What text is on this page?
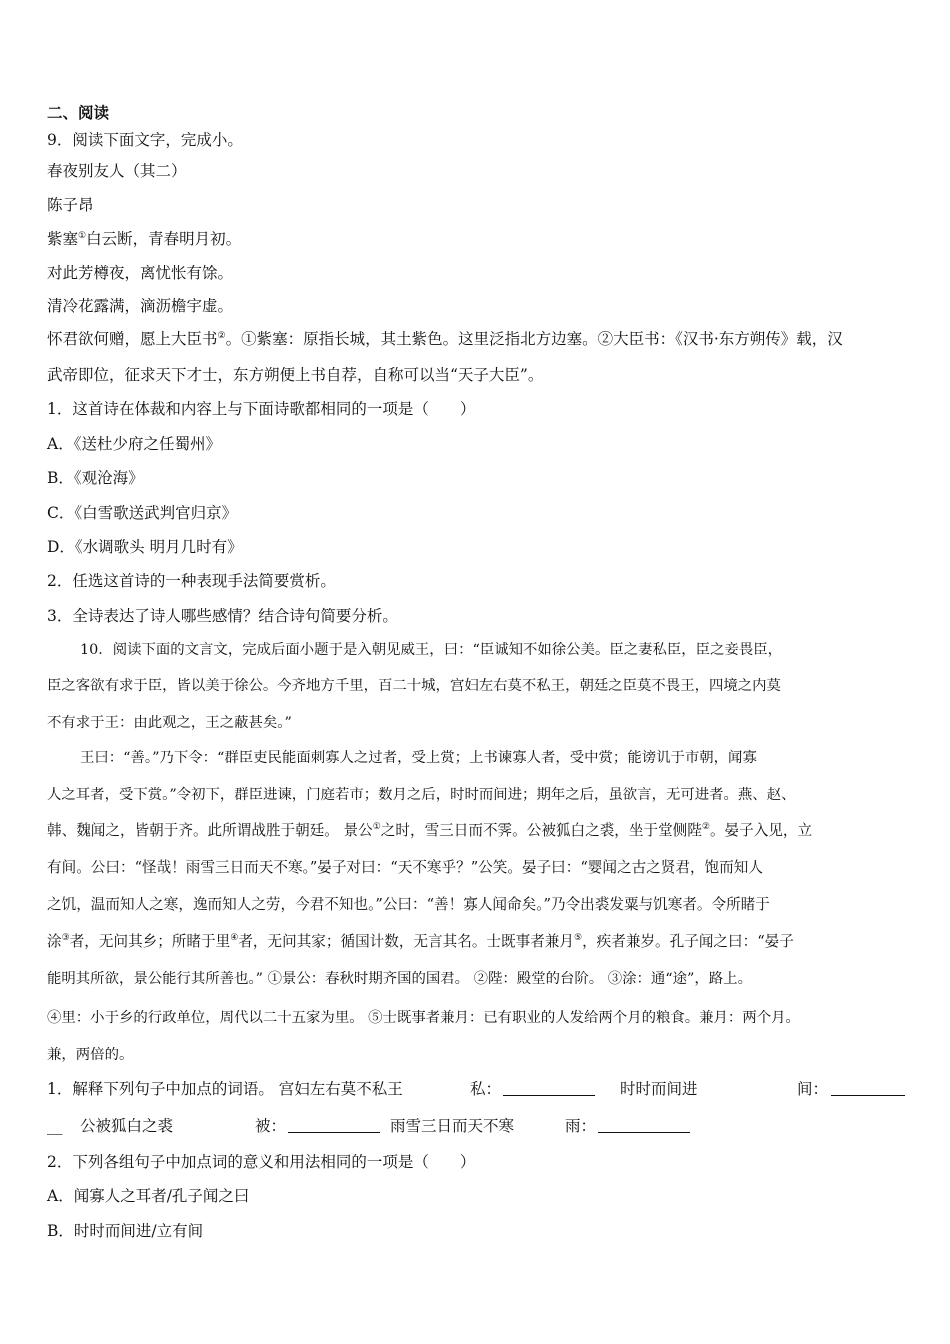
二、阅读
9．阅读下面文字，完成小。
春夜别友人（其二）
陈子昂
紫塞①白云断，青春明月初。
对此芳樽夜，离忧怅有馀。
清冷花露满，滴沥檐宇虚。
怀君欲何赠，愿上大臣书②。①紫塞：原指长城，其土紫色。这里泛指北方边塞。②大臣书：《汉书·东方朔传》载，汉
武帝即位，征求天下才士，东方朔便上书自荐，自称可以当“天子大臣”。
1．这首诗在体裁和内容上与下面诗歌都相同的一项是（　　）
A．《送杜少府之任蜀州》
B．《观沧海》
C．《白雪歌送武判官归京》
D．《水调歌头 明月几时有》
2．任选这首诗的一种表现手法简要赏析。
3．全诗表达了诗人哪些感情？结合诗句简要分析。
10．阅读下面的文言文，完成后面小题于是入朝见威王，曰：“臣诚知不如徐公美。臣之妻私臣，臣之妾畏臣，
臣之客欲有求于臣，皆以美于徐公。今齐地方千里，百二十城，宫妇左右莫不私王，朝廷之臣莫不畏王，四境之内莫
不有求于王：由此观之，王之蔽甚矣。”
王曰：“善。”乃下令：“群臣吏民能面刺寡人之过者，受上赏；上书谏寡人者，受中赏；能谤讥于市朝，闻寡
人之耳者，受下赏。”令初下，群臣进谏，门庭若市；数月之后，时时而间进；期年之后，虽欲言，无可进者。燕、赵、
韩、魏闻之，皆朝于齐。此所谓战胜于朝廷。 景公①之时，雪三日而不霁。公被狐白之裘，坐于堂侧陛②。晏子入见，立
有间。公曰：“怪哉！雨雪三日而天不寒。”晏子对曰：“天不寒乎？”公笑。晏子曰：“婴闻之古之贤君，饱而知人
之饥，温而知人之寒，逸而知人之劳，今君不知也。”公曰：“善！寡人闻命矣。”乃令出裘发粟与饥寒者。令所睹于
涂③者，无问其乡；所睹于里④者，无问其家；循国计数，无言其名。士既事者兼月⑤，疾者兼岁。孔子闻之曰：“晏子
能明其所欲，景公能行其所善也。” ①景公：春秋时期齐国的国君。 ②陛：殿堂的台阶。 ③涂：通“途”，路上。
④里：小于乡的行政单位，周代以二十五家为里。 ⑤士既事者兼月：已有职业的人发给两个月的粮食。兼月：两个月。
兼，两倍的。
1．解释下列句子中加点的词语。 宫妇左右莫不私王	私：	时时而间进	间：
__ 公被狐白之裘	被：	雨雪三日而天不寒	雨：
2．下列各组句子中加点词的意义和用法相同的一项是（　　）
A．闻寡人之耳者/孔子闻之曰
B．时时而间进/立有间
